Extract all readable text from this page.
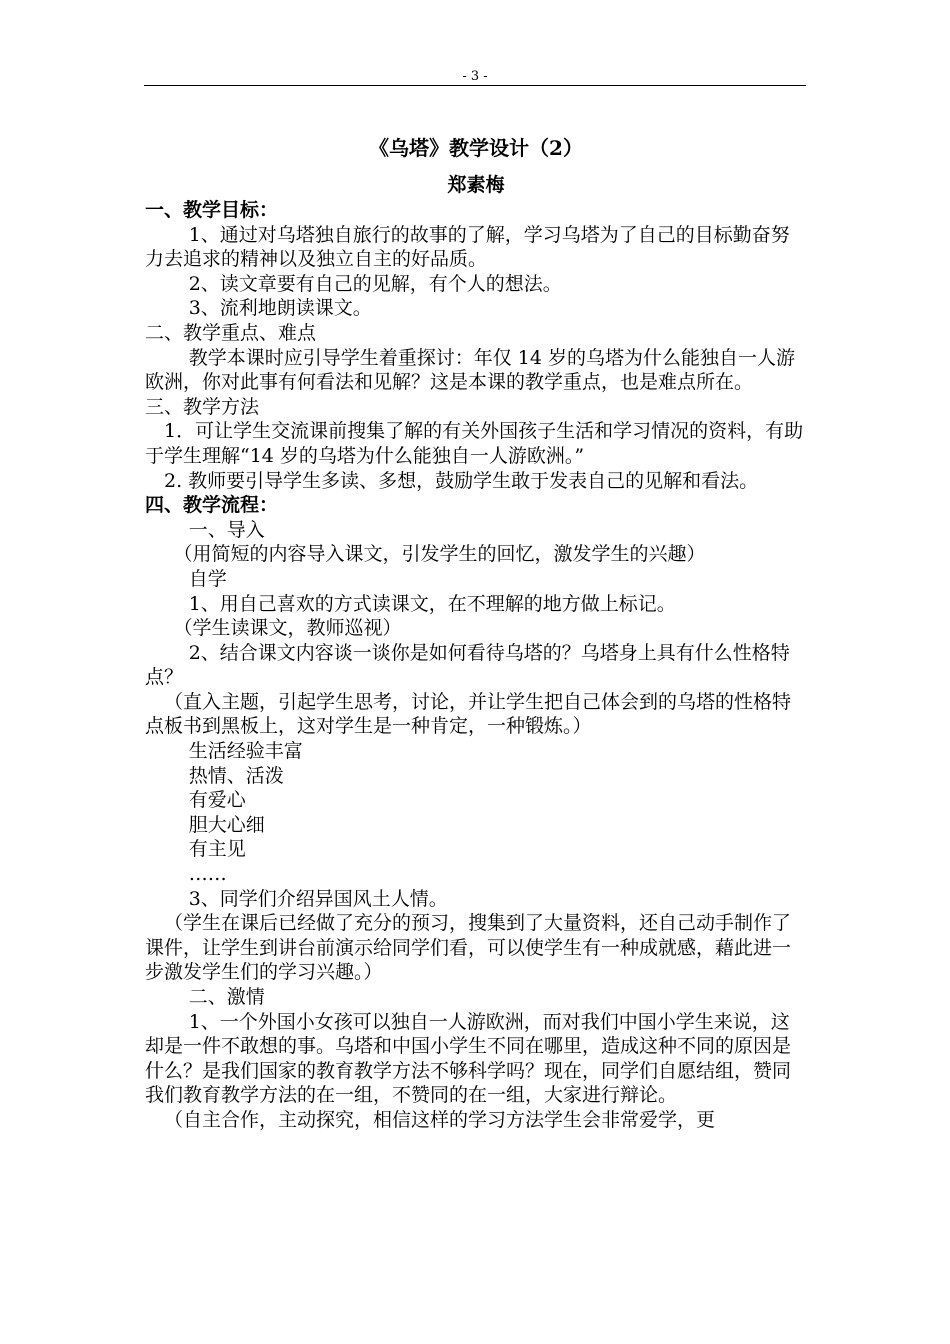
- 3 -

《乌塔》教学设计（2）

郑素梅

一、教学目标：

1、通过对乌塔独自旅行的故事的了解，学习乌塔为了自己的目标勤奋努力去追求的精神以及独立自主的好品质。

2、读文章要有自己的见解，有个人的想法。

3、流利地朗读课文。

二、教学重点、难点

教学本课时应引导学生着重探讨：年仅 14 岁的乌塔为什么能独自一人游欧洲，你对此事有何看法和见解？这是本课的教学重点，也是难点所在。

三、教学方法

1．可让学生交流课前搜集了解的有关外国孩子生活和学习情况的资料，有助于学生理解“14 岁的乌塔为什么能独自一人游欧洲。”

2. 教师要引导学生多读、多想，鼓励学生敢于发表自己的见解和看法。

四、教学流程：

一、导入

（用简短的内容导入课文，引发学生的回忆，激发学生的兴趣）

自学

1、用自己喜欢的方式读课文，在不理解的地方做上标记。

（学生读课文，教师巡视）

2、结合课文内容谈一谈你是如何看待乌塔的？乌塔身上具有什么性格特点？

（直入主题，引起学生思考，讨论，并让学生把自己体会到的乌塔的性格特点板书到黑板上，这对学生是一种肯定，一种锻炼。）

生活经验丰富

热情、活泼

有爱心

胆大心细

有主见

……

3、同学们介绍异国风土人情。

（学生在课后已经做了充分的预习，搜集到了大量资料，还自己动手制作了课件，让学生到讲台前演示给同学们看，可以使学生有一种成就感，藉此进一步激发学生们的学习兴趣。）

二、激情

1、一个外国小女孩可以独自一人游欧洲，而对我们中国小学生来说，这却是一件不敢想的事。乌塔和中国小学生不同在哪里，造成这种不同的原因是什么？是我们国家的教育教学方法不够科学吗？现在，同学们自愿结组，赞同我们教育教学方法的在一组，不赞同的在一组，大家进行辩论。

（自主合作，主动探究，相信这样的学习方法学生会非常爱学，更
